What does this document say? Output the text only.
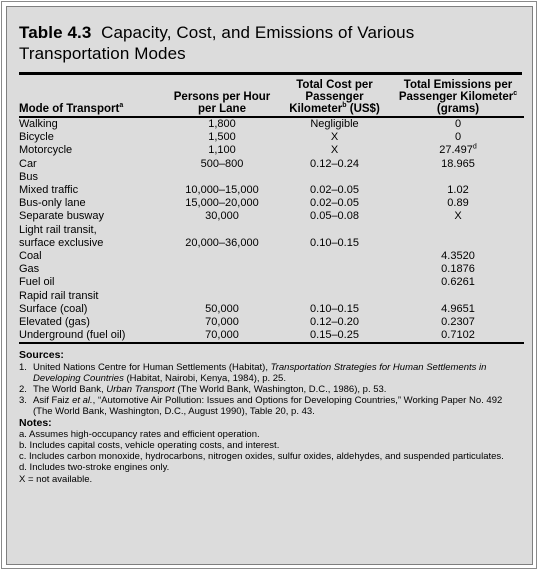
Table 4.3 Capacity, Cost, and Emissions of Various Transportation Modes
Mode of Transport$^a$	Persons per Hour per Lane	Total Cost per Passenger Kilometer$^b$ (US$)	Total Emissions per Passenger Kilometer$^c$ (grams)
Walking	1,800	Negligible	0
Bicycle	1,500	X	0
Motorcycle	1,100	X	27.497$^d$
Car	500–800	0.12–0.24	18.965
Bus			
Mixed traffic	10,000–15,000	0.02–0.05	1.02
Bus-only lane	15,000–20,000	0.02–0.05	0.89
Separate busway	30,000	0.05–0.08	X
Light rail transit,			
surface exclusive	20,000–36,000	0.10–0.15	
Coal			4.3520
Gas			0.1876
Fuel oil			0.6261
Rapid rail transit			
Surface (coal)	50,000	0.10–0.15	4.9651
Elevated (gas)	70,000	0.12–0.20	0.2307
Underground (fuel oil)	70,000	0.15–0.25	0.7102
Sources:
1. United Nations Centre for Human Settlements (Habitat), Transportation Strategies for Human Settlements in Developing Countries (Habitat, Nairobi, Kenya, 1984), p. 25.
2. The World Bank, Urban Transport (The World Bank, Washington, D.C., 1986), p. 53.
3. Asif Faiz et al., “Automotive Air Pollution: Issues and Options for Developing Countries,” Working Paper No. 492 (The World Bank, Washington, D.C., August 1990), Table 20, p. 43.
Notes:
a. Assumes high-occupancy rates and efficient operation.
b. Includes capital costs, vehicle operating costs, and interest.
c. Includes carbon monoxide, hydrocarbons, nitrogen oxides, sulfur oxides, aldehydes, and suspended particulates.
d. Includes two-stroke engines only.
X = not available.
